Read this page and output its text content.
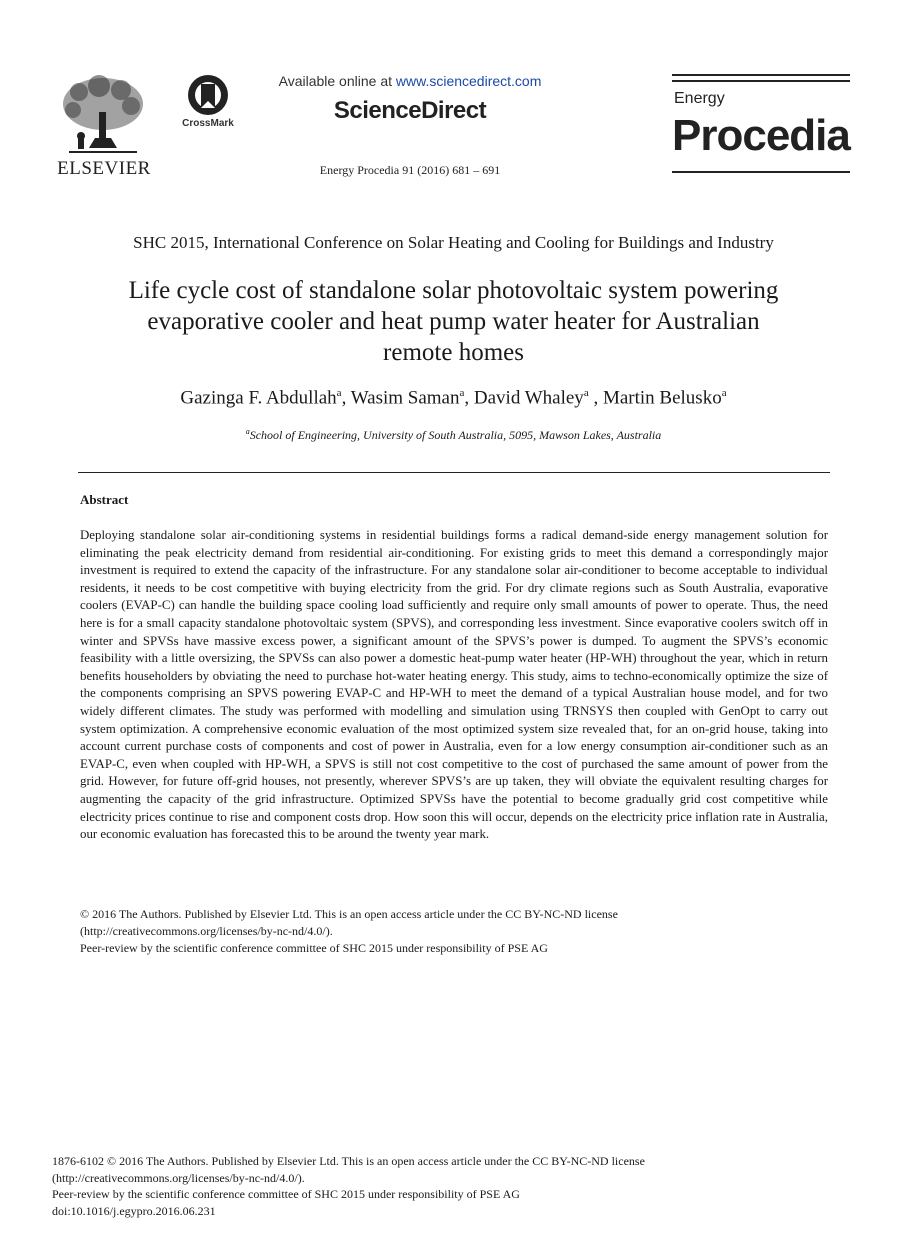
ELSEVIER
CrossMark
Available online at www.sciencedirect.com
ScienceDirect
Energy Procedia 91 (2016) 681 – 691
Energy
Procedia
SHC 2015, International Conference on Solar Heating and Cooling for Buildings and Industry
Life cycle cost of standalone solar photovoltaic system powering
evaporative cooler and heat pump water heater for Australian
remote homes
Gazinga F. Abdullah$^a$, Wasim Saman$^a$, David Whaley$^a$ , Martin Belusko$^a$
$^a$School of Engineering, University of South Australia, 5095, Mawson Lakes, Australia
Abstract
Deploying standalone solar air-conditioning systems in residential buildings forms a radical demand-side energy management solution for eliminating the peak electricity demand from residential air-conditioning. For existing grids to meet this demand a correspondingly major investment is required to extend the capacity of the infrastructure. For any standalone solar air-conditioner to become acceptable to individual residents, it needs to be cost competitive with buying electricity from the grid. For dry climate regions such as South Australia, evaporative coolers (EVAP-C) can handle the building space cooling load sufficiently and require only small amounts of power to operate. Thus, the need here is for a small capacity standalone photovoltaic system (SPVS), and corresponding less investment. Since evaporative coolers switch off in winter and SPVSs have massive excess power, a significant amount of the SPVS’s power is dumped. To augment the SPVS’s economic feasibility with a little oversizing, the SPVSs can also power a domestic heat-pump water heater (HP-WH) throughout the year, which in return benefits householders by obviating the need to purchase hot-water heating energy. This study, aims to techno-economically optimize the size of the components comprising an SPVS powering EVAP-C and HP-WH to meet the demand of a typical Australian house model, and for two widely different climates. The study was performed with modelling and simulation using TRNSYS then coupled with GenOpt to carry out system optimization. A comprehensive economic evaluation of the most optimized system size revealed that, for an on-grid house, taking into account current purchase costs of components and cost of power in Australia, even for a low energy consumption air-conditioner such as an EVAP-C, even when coupled with HP-WH, a SPVS is still not cost competitive to the cost of purchased the same amount of power from the grid. However, for future off-grid houses, not presently, wherever SPVS’s are up taken, they will obviate the equivalent resulting charges for augmenting the capacity of the grid infrastructure. Optimized SPVSs have the potential to become gradually grid cost competitive while electricity prices continue to rise and component costs drop. How soon this will occur, depends on the electricity price inflation rate in Australia, our economic evaluation has forecasted this to be around the twenty year mark.

© 2016 The Authors. Published by Elsevier Ltd. This is an open access article under the CC BY-NC-ND license

(http://creativecommons.org/licenses/by-nc-nd/4.0/).

Peer-review by the scientific conference committee of SHC 2015 under responsibility of PSE AG

1876-6102 © 2016 The Authors. Published by Elsevier Ltd. This is an open access article under the CC BY-NC-ND license

(http://creativecommons.org/licenses/by-nc-nd/4.0/).

Peer-review by the scientific conference committee of SHC 2015 under responsibility of PSE AG

doi:10.1016/j.egypro.2016.06.231
